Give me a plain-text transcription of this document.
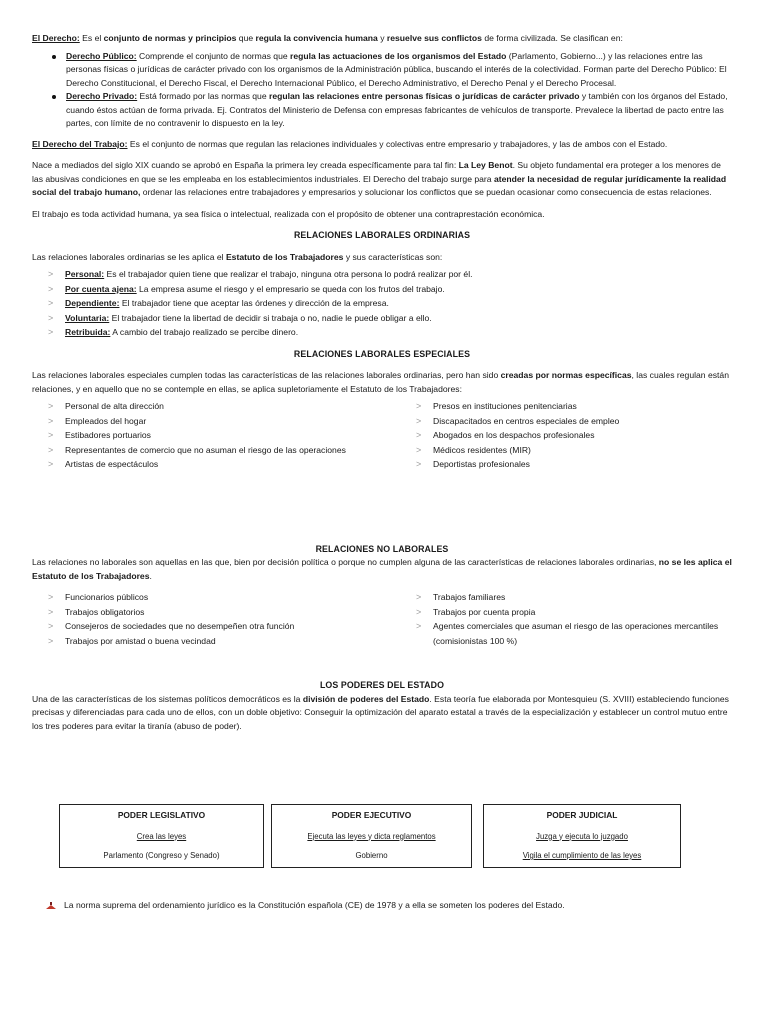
El Derecho: Es el conjunto de normas y principios que regula la convivencia humana y resuelve sus conflictos de forma civilizada. Se clasifican en:

Derecho Público: Comprende el conjunto de normas que regula las actuaciones de los organismos del Estado (Parlamento, Gobierno...) y las relaciones entre las personas físicas o jurídicas de carácter privado con los organismos de la Administración pública, buscando el interés de la colectividad. Forman parte del Derecho Público: El Derecho Constitucional, el Derecho Fiscal, el Derecho Internacional Público, el Derecho Administrativo, el Derecho Penal y el Derecho Procesal.
Derecho Privado: Está formado por las normas que regulan las relaciones entre personas físicas o jurídicas de carácter privado y también con los órganos del Estado, cuando éstos actúan de forma privada. Ej. Contratos del Ministerio de Defensa con empresas fabricantes de vehículos de transporte. Prevalece la libertad de pacto entre las partes, con límite de no contravenir lo dispuesto en la ley.

El Derecho del Trabajo: Es el conjunto de normas que regulan las relaciones individuales y colectivas entre empresario y trabajadores, y las de ambos con el Estado.

Nace a mediados del siglo XIX cuando se aprobó en España la primera ley creada específicamente para tal fin: La Ley Benot. Su objeto fundamental era proteger a los menores de las abusivas condiciones en que se les empleaba en los establecimientos industriales. El Derecho del trabajo surge para atender la necesidad de regular jurídicamente la realidad social del trabajo humano, ordenar las relaciones entre trabajadores y empresarios y solucionar los conflictos que se puedan ocasionar como consecuencia de estas relaciones.

El trabajo es toda actividad humana, ya sea física o intelectual, realizada con el propósito de obtener una contraprestación económica.

RELACIONES LABORALES ORDINARIAS

Las relaciones laborales ordinarias se les aplica el Estatuto de los Trabajadores y sus características son:

> Personal: Es el trabajador quien tiene que realizar el trabajo, ninguna otra persona lo podrá realizar por él.
> Por cuenta ajena: La empresa asume el riesgo y el empresario se queda con los frutos del trabajo.
> Dependiente: El trabajador tiene que aceptar las órdenes y dirección de la empresa.
> Voluntaria: El trabajador tiene la libertad de decidir si trabaja o no, nadie le puede obligar a ello.
> Retribuida: A cambio del trabajo realizado se percibe dinero.

RELACIONES LABORALES ESPECIALES

Las relaciones laborales especiales cumplen todas las características de las relaciones laborales ordinarias, pero han sido creadas por normas específicas, las cuales regulan están relaciones, y en aquello que no se contemple en ellas, se aplica supletoriamente el Estatuto de los Trabajadores:

> Personal de alta dirección
> Empleados del hogar
> Estibadores portuarios
> Representantes de comercio que no asuman el riesgo de las operaciones
> Artistas de espectáculos
> Presos en instituciones penitenciarias
> Discapacitados en centros especiales de empleo
> Abogados en los despachos profesionales
> Médicos residentes (MIR)
> Deportistas profesionales

RELACIONES NO LABORALES

Las relaciones no laborales son aquellas en las que, bien por decisión política o porque no cumplen alguna de las características de relaciones laborales ordinarias, no se les aplica el Estatuto de los Trabajadores.

> Funcionarios públicos
> Trabajos obligatorios
> Consejeros de sociedades que no desempeñen otra función
> Trabajos por amistad o buena vecindad
> Trabajos familiares
> Trabajos por cuenta propia
> Agentes comerciales que asuman el riesgo de las operaciones mercantiles (comisionistas 100 %)

LOS PODERES DEL ESTADO

Una de las características de los sistemas políticos democráticos es la división de poderes del Estado. Esta teoría fue elaborada por Montesquieu (S. XVIII) estableciendo funciones precisas y diferenciadas para cada uno de ellos, con un doble objetivo: Conseguir la optimización del aparato estatal a través de la especialización y establecer un control mutuo entre los tres poderes para evitar la tiranía (abuso de poder).

PODER LEGISLATIVO
Crea las leyes
Parlamento (Congreso y Senado)
PODER EJECUTIVO
Ejecuta las leyes y dicta reglamentos
Gobierno
PODER JUDICIAL
Juzga y ejecuta lo juzgado
Vigila el cumplimiento de las leyes
La norma suprema del ordenamiento jurídico es la Constitución española (CE) de 1978 y a ella se someten los poderes del Estado.
